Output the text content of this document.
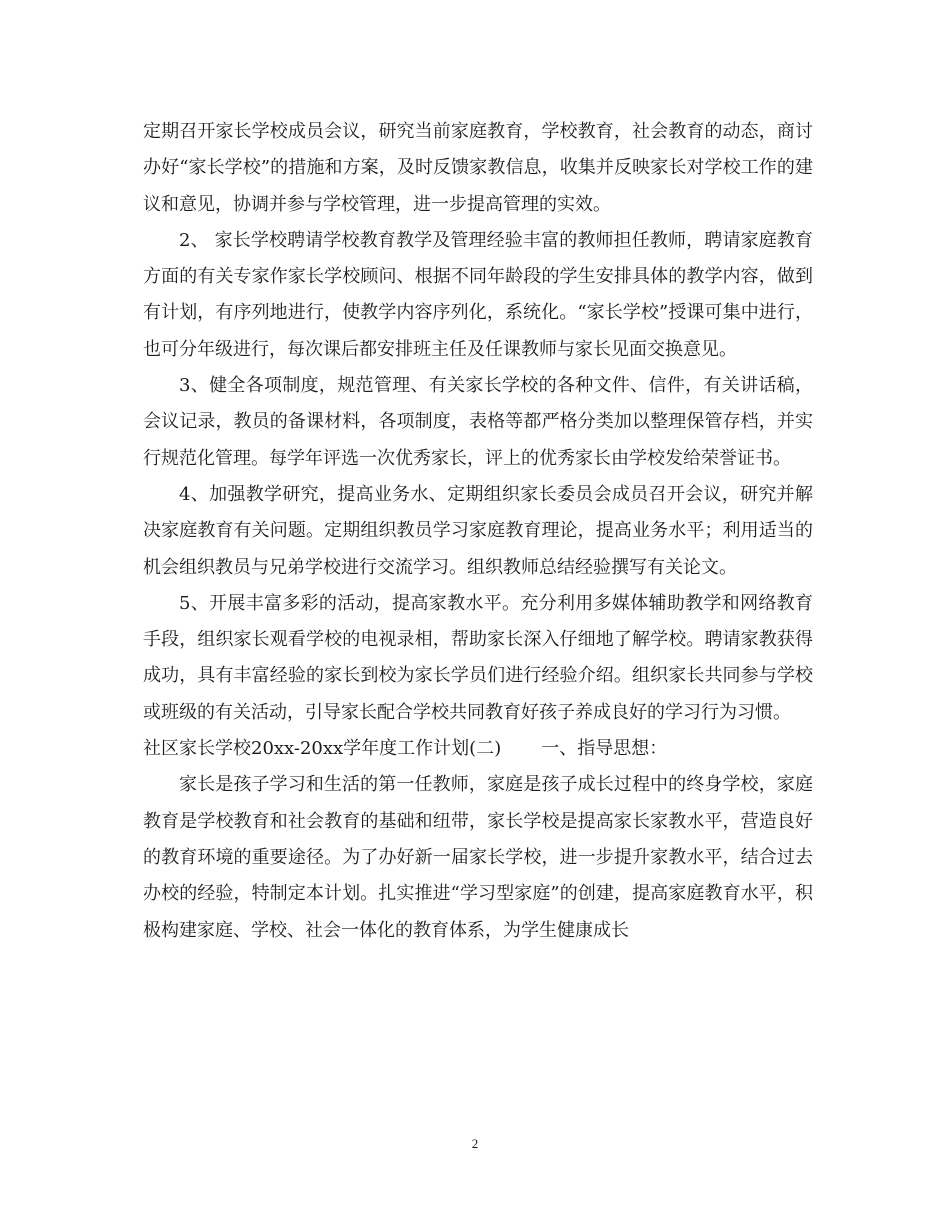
定期召开家长学校成员会议，研究当前家庭教育，学校教育，社会教育的动态，商讨办好“家长学校”的措施和方案，及时反馈家教信息，收集并反映家长对学校工作的建议和意见，协调并参与学校管理，进一步提高管理的实效。

2、 家长学校聘请学校教育教学及管理经验丰富的教师担任教师，聘请家庭教育方面的有关专家作家长学校顾问、根据不同年龄段的学生安排具体的教学内容，做到有计划，有序列地进行，使教学内容序列化，系统化。“家长学校”授课可集中进行，也可分年级进行，每次课后都安排班主任及任课教师与家长见面交换意见。

3、健全各项制度，规范管理、有关家长学校的各种文件、信件，有关讲话稿，会议记录，教员的备课材料，各项制度，表格等都严格分类加以整理保管存档，并实行规范化管理。每学年评选一次优秀家长，评上的优秀家长由学校发给荣誉证书。

4、加强教学研究，提高业务水、定期组织家长委员会成员召开会议，研究并解决家庭教育有关问题。定期组织教员学习家庭教育理论，提高业务水平；利用适当的机会组织教员与兄弟学校进行交流学习。组织教师总结经验撰写有关论文。

5、开展丰富多彩的活动，提高家教水平。充分利用多媒体辅助教学和网络教育手段，组织家长观看学校的电视录相，帮助家长深入仔细地了解学校。聘请家教获得成功，具有丰富经验的家长到校为家长学员们进行经验介绍。组织家长共同参与学校或班级的有关活动，引导家长配合学校共同教育好孩子养成良好的学习行为习惯。

社区家长学校20xx-20xx学年度工作计划(二) 一、指导思想：

家长是孩子学习和生活的第一任教师，家庭是孩子成长过程中的终身学校，家庭教育是学校教育和社会教育的基础和纽带，家长学校是提高家长家教水平，营造良好的教育环境的重要途径。为了办好新一届家长学校，进一步提升家教水平，结合过去办校的经验，特制定本计划。扎实推进“学习型家庭”的创建，提高家庭教育水平，积极构建家庭、学校、社会一体化的教育体系，为学生健康成长

2
